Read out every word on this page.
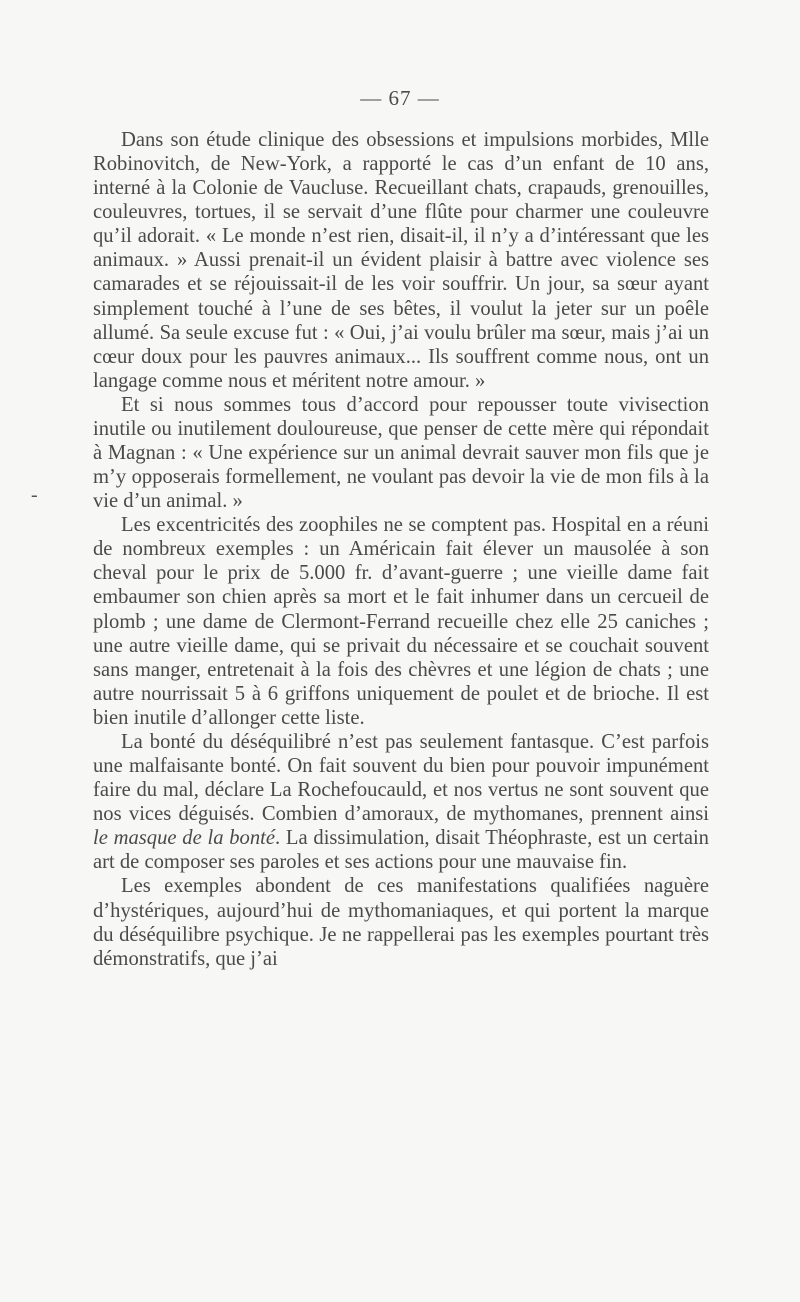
— 67 —
-

Dans son étude clinique des obsessions et impulsions morbides, Mlle Robinovitch, de New-York, a rapporté le cas d’un enfant de 10 ans, interné à la Colonie de Vaucluse. Recueillant chats, crapauds, grenouilles, couleuvres, tortues, il se servait d’une flûte pour charmer une couleuvre qu’il adorait. « Le monde n’est rien, disait-il, il n’y a d’intéressant que les animaux. » Aussi prenait-il un évident plaisir à battre avec violence ses camarades et se réjouissait-il de les voir souffrir. Un jour, sa sœur ayant simplement touché à l’une de ses bêtes, il voulut la jeter sur un poêle allumé. Sa seule excuse fut : « Oui, j’ai voulu brûler ma sœur, mais j’ai un cœur doux pour les pauvres animaux... Ils souffrent comme nous, ont un langage comme nous et méritent notre amour. »

Et si nous sommes tous d’accord pour repousser toute vivisection inutile ou inutilement douloureuse, que penser de cette mère qui répondait à Magnan : « Une expérience sur un animal devrait sauver mon fils que je m’y opposerais formellement, ne voulant pas devoir la vie de mon fils à la vie d’un animal. »

Les excentricités des zoophiles ne se comptent pas. Hospital en a réuni de nombreux exemples : un Américain fait élever un mausolée à son cheval pour le prix de 5.000 fr. d’avant-guerre ; une vieille dame fait embaumer son chien après sa mort et le fait inhumer dans un cercueil de plomb ; une dame de Clermont-Ferrand recueille chez elle 25 caniches ; une autre vieille dame, qui se privait du nécessaire et se couchait souvent sans manger, entretenait à la fois des chèvres et une légion de chats ; une autre nourrissait 5 à 6 griffons uniquement de poulet et de brioche. Il est bien inutile d’allonger cette liste.

La bonté du déséquilibré n’est pas seulement fantasque. C’est parfois une malfaisante bonté. On fait souvent du bien pour pouvoir impunément faire du mal, déclare La Rochefoucauld, et nos vertus ne sont souvent que nos vices déguisés. Combien d’amoraux, de mythomanes, prennent ainsi le masque de la bonté. La dissimulation, disait Théophraste, est un certain art de composer ses paroles et ses actions pour une mauvaise fin.

Les exemples abondent de ces manifestations qualifiées naguère d’hystériques, aujourd’hui de mythomaniaques, et qui portent la marque du déséquilibre psychique. Je ne rappellerai pas les exemples pourtant très démonstratifs, que j’ai
